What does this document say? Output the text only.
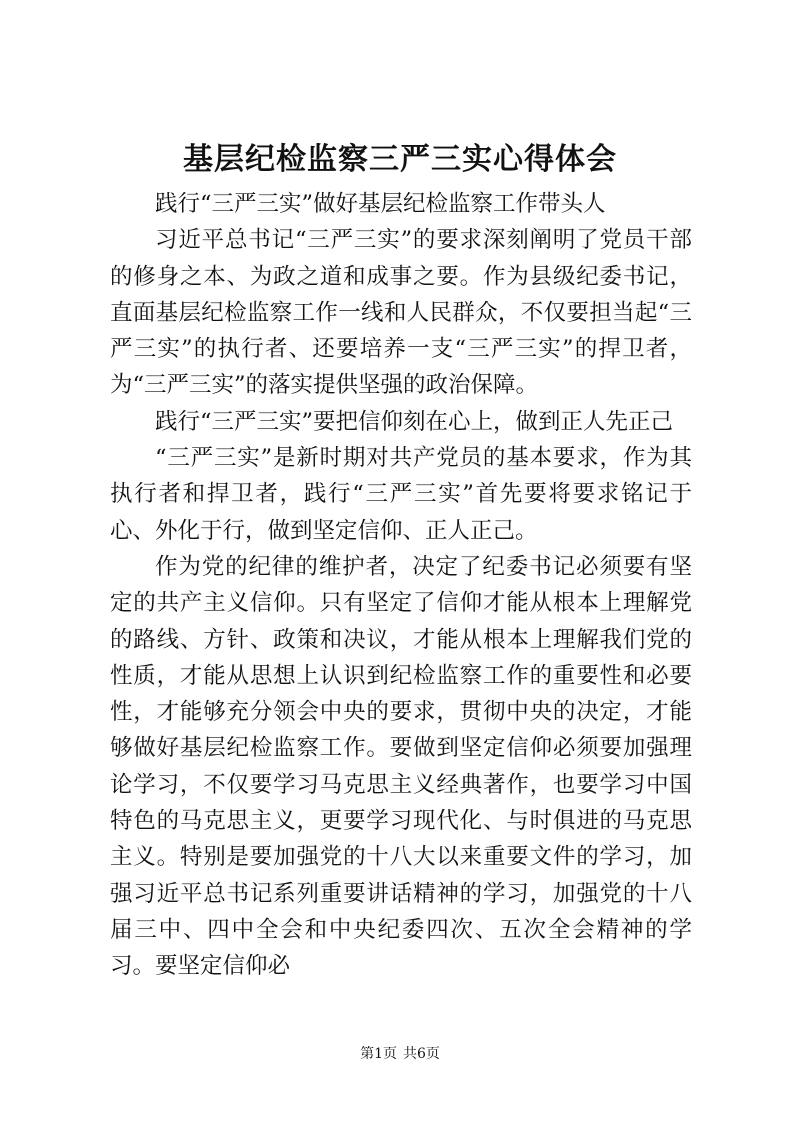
基层纪检监察三严三实心得体会

践行“三严三实”做好基层纪检监察工作带头人

习近平总书记“三严三实”的要求深刻阐明了党员干部的修身之本、为政之道和成事之要。作为县级纪委书记，直面基层纪检监察工作一线和人民群众，不仅要担当起“三严三实”的执行者、还要培养一支“三严三实”的捍卫者，为“三严三实”的落实提供坚强的政治保障。

践行“三严三实”要把信仰刻在心上，做到正人先正己

“三严三实”是新时期对共产党员的基本要求，作为其执行者和捍卫者，践行“三严三实”首先要将要求铭记于心、外化于行，做到坚定信仰、正人正己。

作为党的纪律的维护者，决定了纪委书记必须要有坚定的共产主义信仰。只有坚定了信仰才能从根本上理解党的路线、方针、政策和决议，才能从根本上理解我们党的性质，才能从思想上认识到纪检监察工作的重要性和必要性，才能够充分领会中央的要求，贯彻中央的决定，才能够做好基层纪检监察工作。要做到坚定信仰必须要加强理论学习，不仅要学习马克思主义经典著作，也要学习中国特色的马克思主义，更要学习现代化、与时俱进的马克思主义。特别是要加强党的十八大以来重要文件的学习，加强习近平总书记系列重要讲话精神的学习，加强党的十八届三中、四中全会和中央纪委四次、五次全会精神的学习。要坚定信仰必

第1页 共6页
